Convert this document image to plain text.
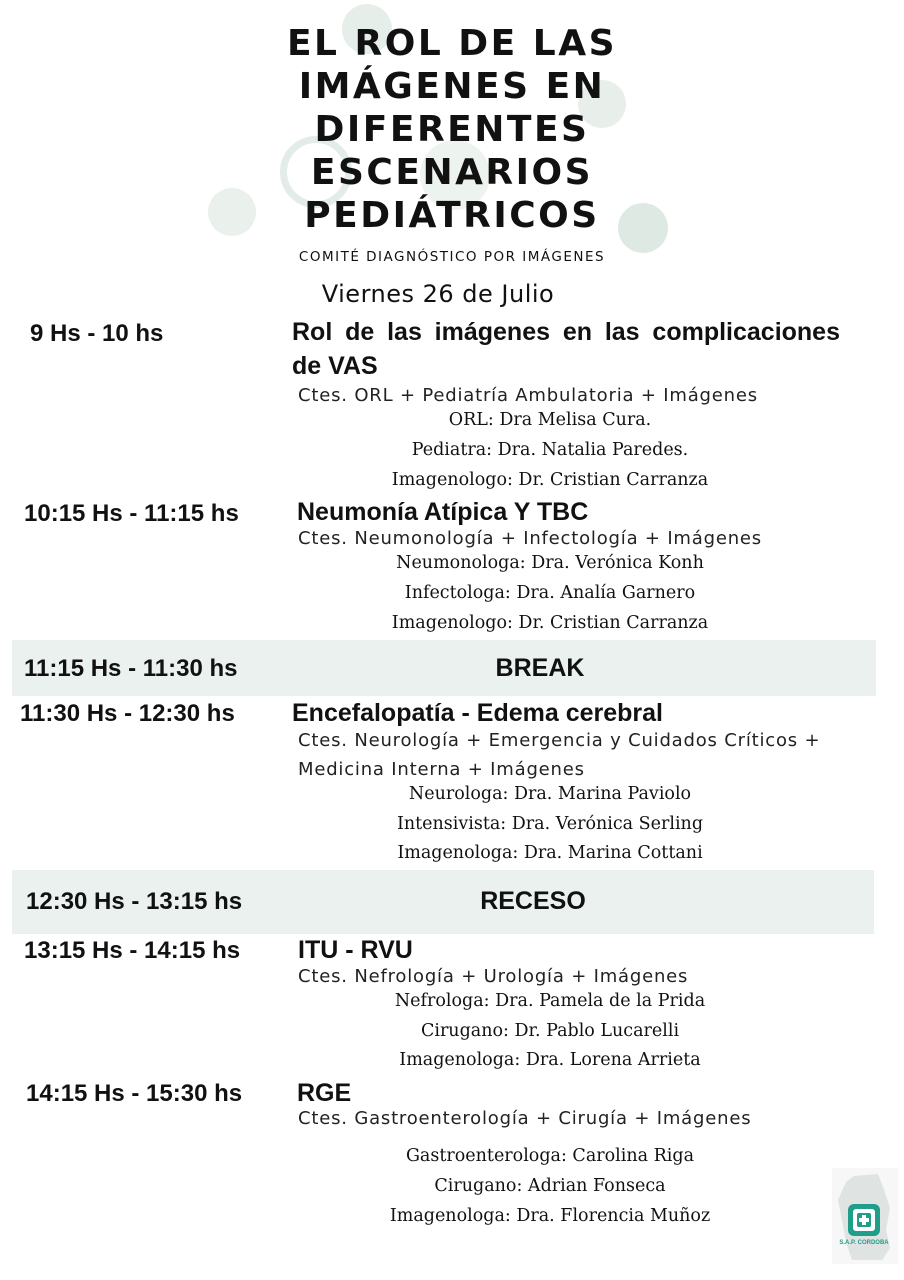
EL ROL DE LAS IMÁGENES EN DIFERENTES ESCENARIOS PEDIÁTRICOS
COMITÉ DIAGNÓSTICO POR IMÁGENES
Viernes 26 de Julio
9 Hs - 10 hs	Rol de las imágenes en las complicaciones de VAS
Ctes. ORL + Pediatría Ambulatoria + Imágenes
ORL: Dra Melisa Cura.
Pediatra: Dra. Natalia Paredes.
Imagenologo: Dr. Cristian Carranza
10:15 Hs - 11:15 hs Neumonía Atípica Y TBC
Ctes. Neumonología + Infectología + Imágenes
Neumonologa: Dra. Verónica Konh
Infectologa: Dra. Analía Garnero
Imagenologo: Dr. Cristian Carranza
11:15 Hs - 11:30 hs	BREAK
11:30 Hs - 12:30 hs Encefalopatía - Edema cerebral
Ctes. Neurología + Emergencia y Cuidados Críticos + Medicina Interna + Imágenes
Neurologa: Dra. Marina Paviolo
Intensivista: Dra. Verónica Serling
Imagenologa: Dra. Marina Cottani
12:30 Hs - 13:15 hs	RECESO
13:15 Hs - 14:15 hs ITU - RVU
Ctes. Nefrología + Urología + Imágenes
Nefrologa: Dra. Pamela de la Prida
Cirugano: Dr. Pablo Lucarelli
Imagenologa: Dra. Lorena Arrieta
14:15 Hs - 15:30 hs RGE
Ctes. Gastroenterología + Cirugía + Imágenes
Gastroenterologa: Carolina Riga
Cirugano: Adrian Fonseca
Imagenologa: Dra. Florencia Muñoz
S.A.P. CORDOBA
